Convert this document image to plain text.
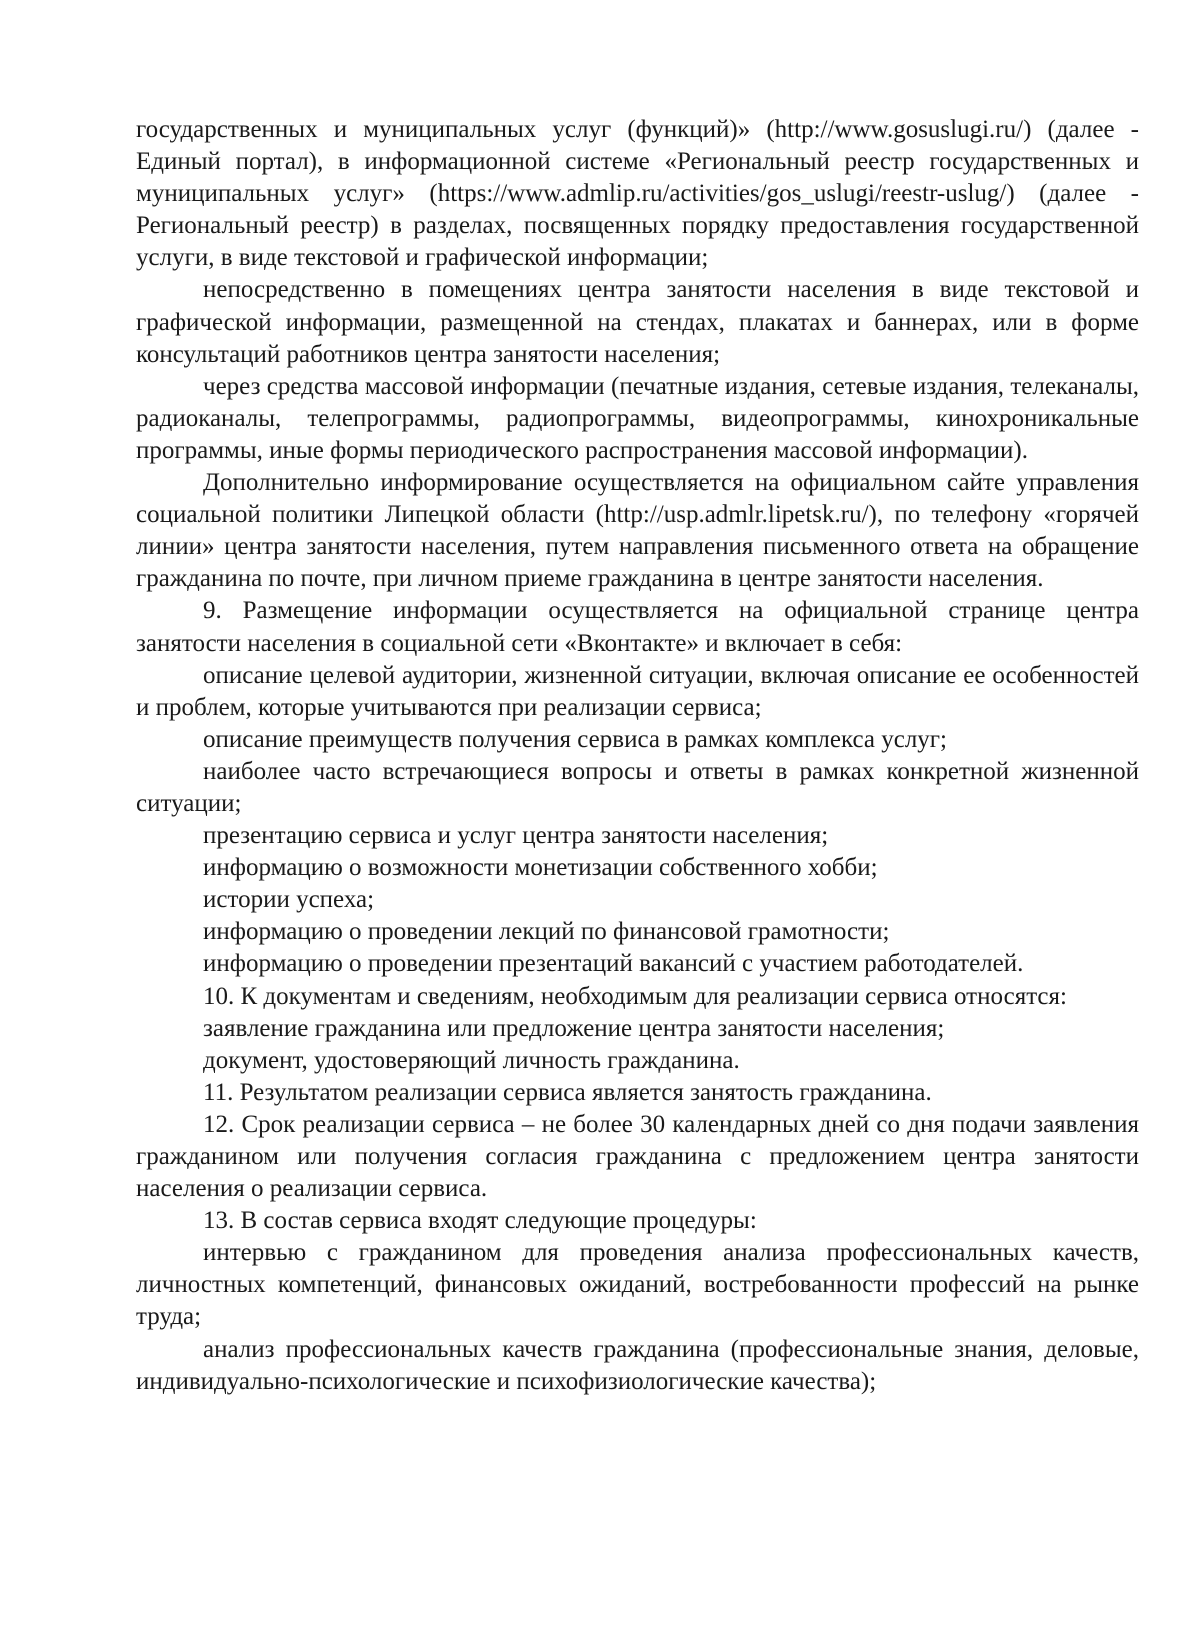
государственных и муниципальных услуг (функций)» (http://www.gosuslugi.ru/) (далее - Единый портал), в информационной системе «Региональный реестр государственных и муниципальных услуг» (https://www.admlip.ru/activities/gos_uslugi/reestr-uslug/) (далее - Региональный реестр) в разделах, посвященных порядку предоставления государственной услуги, в виде текстовой и графической информации;

непосредственно в помещениях центра занятости населения в виде текстовой и графической информации, размещенной на стендах, плакатах и баннерах, или в форме консультаций работников центра занятости населения;

через средства массовой информации (печатные издания, сетевые издания, телеканалы, радиоканалы, телепрограммы, радиопрограммы, видеопрограммы, кинохроникальные программы, иные формы периодического распространения массовой информации).

Дополнительно информирование осуществляется на официальном сайте управления социальной политики Липецкой области (http://usp.admlr.lipetsk.ru/), по телефону «горячей линии» центра занятости населения, путем направления письменного ответа на обращение гражданина по почте, при личном приеме гражданина в центре занятости населения.

9. Размещение информации осуществляется на официальной странице центра занятости населения в социальной сети «Вконтакте» и включает в себя:

описание целевой аудитории, жизненной ситуации, включая описание ее особенностей и проблем, которые учитываются при реализации сервиса;

описание преимуществ получения сервиса в рамках комплекса услуг;

наиболее часто встречающиеся вопросы и ответы в рамках конкретной жизненной ситуации;

презентацию сервиса и услуг центра занятости населения;

информацию о возможности монетизации собственного хобби;

истории успеха;

информацию о проведении лекций по финансовой грамотности;

информацию о проведении презентаций вакансий с участием работодателей.

10. К документам и сведениям, необходимым для реализации сервиса относятся:

заявление гражданина или предложение центра занятости населения;

документ, удостоверяющий личность гражданина.

11. Результатом реализации сервиса является занятость гражданина.

12. Срок реализации сервиса – не более 30 календарных дней со дня подачи заявления гражданином или получения согласия гражданина с предложением центра занятости населения о реализации сервиса.

13. В состав сервиса входят следующие процедуры:

интервью с гражданином для проведения анализа профессиональных качеств, личностных компетенций, финансовых ожиданий, востребованности профессий на рынке труда;

анализ профессиональных качеств гражданина (профессиональные знания, деловые, индивидуально-психологические и психофизиологические качества);
